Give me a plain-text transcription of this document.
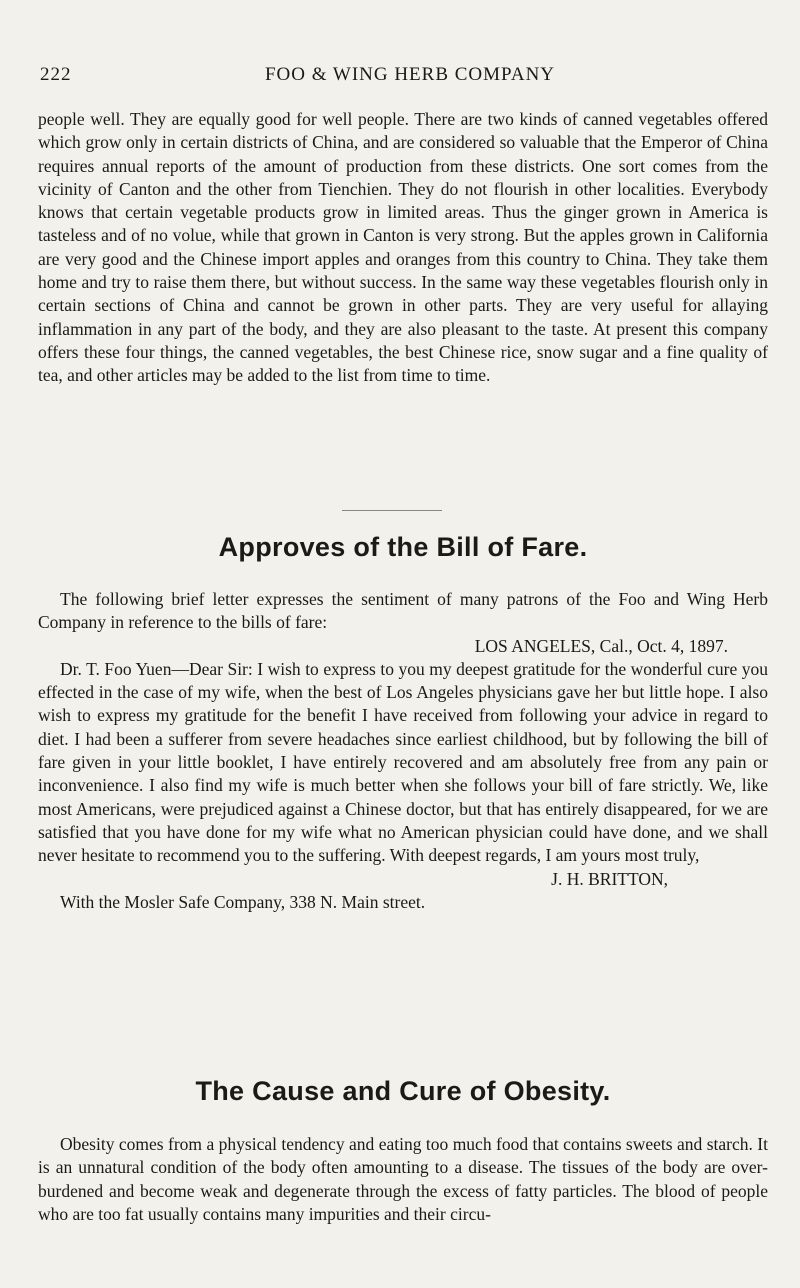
222	FOO & WING HERB COMPANY

people well. They are equally good for well people. There are two kinds of canned vegetables offered which grow only in certain districts of China, and are considered so valuable that the Emperor of China requires annual reports of the amount of production from these districts. One sort comes from the vicinity of Canton and the other from Tienchien. They do not flourish in other localities. Everybody knows that certain vegetable products grow in limited areas. Thus the ginger grown in America is tasteless and of no volue, while that grown in Canton is very strong. But the apples grown in California are very good and the Chinese import apples and oranges from this country to China. They take them home and try to raise them there, but without success. In the same way these vegetables flourish only in certain sections of China and cannot be grown in other parts. They are very useful for allaying inflammation in any part of the body, and they are also pleasant to the taste. At present this company offers these four things, the canned vegetables, the best Chinese rice, snow sugar and a fine quality of tea, and other articles may be added to the list from time to time.

Approves of the Bill of Fare.

The following brief letter expresses the sentiment of many patrons of the Foo and Wing Herb Company in reference to the bills of fare:

LOS ANGELES, Cal., Oct. 4, 1897.

Dr. T. Foo Yuen—Dear Sir: I wish to express to you my deepest gratitude for the wonderful cure you effected in the case of my wife, when the best of Los Angeles physicians gave her but little hope. I also wish to express my gratitude for the benefit I have received from following your advice in regard to diet. I had been a sufferer from severe headaches since earliest childhood, but by following the bill of fare given in your little booklet, I have entirely recovered and am absolutely free from any pain or inconvenience. I also find my wife is much better when she follows your bill of fare strictly. We, like most Americans, were prejudiced against a Chinese doctor, but that has entirely disappeared, for we are satisfied that you have done for my wife what no American physician could have done, and we shall never hesitate to recommend you to the suffering. With deepest regards, I am yours most truly,

J. H. BRITTON,

With the Mosler Safe Company, 338 N. Main street.

The Cause and Cure of Obesity.

Obesity comes from a physical tendency and eating too much food that contains sweets and starch. It is an unnatural condition of the body often amounting to a disease. The tissues of the body are over-burdened and become weak and degenerate through the excess of fatty particles. The blood of people who are too fat usually contains many impurities and their circu-
